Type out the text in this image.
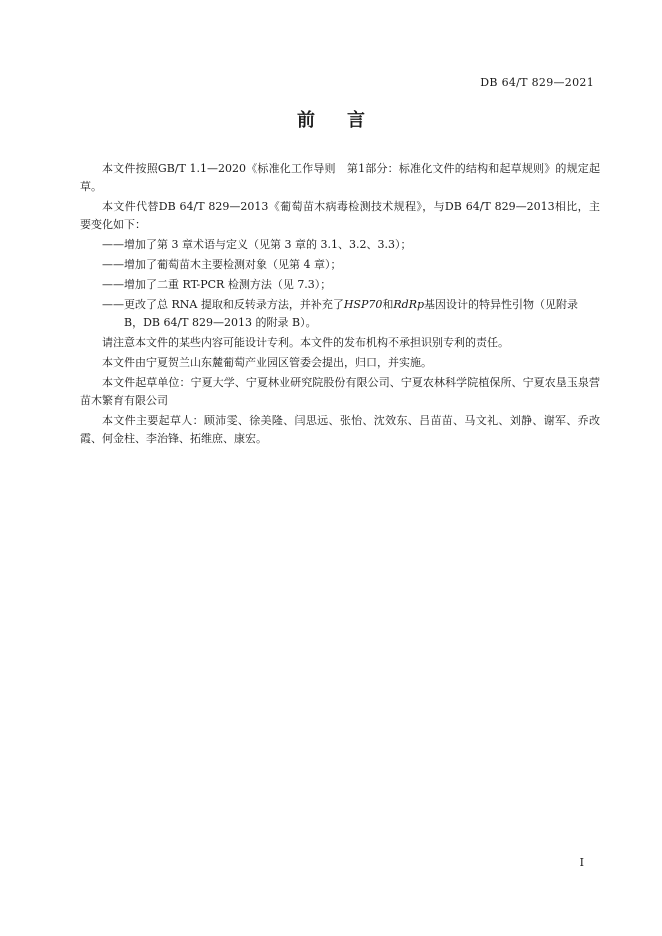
DB 64/T 829—2021
前言

本文件按照GB/T 1.1—2020《标准化工作导则　第1部分：标准化文件的结构和起草规则》的规定起草。

本文件代替DB 64/T 829—2013《葡萄苗木病毒检测技术规程》，与DB 64/T 829—2013相比，主要变化如下：

——增加了第 3 章术语与定义（见第 3 章的 3.1、3.2、3.3）；

——增加了葡萄苗木主要检测对象（见第 4 章）；

——增加了二重 RT-PCR 检测方法（见 7.3）；

——更改了总 RNA 提取和反转录方法，并补充了HSP70和RdRp基因设计的特异性引物（见附录 B，DB 64/T 829—2013 的附录 B）。

请注意本文件的某些内容可能设计专利。本文件的发布机构不承担识别专利的责任。

本文件由宁夏贺兰山东麓葡萄产业园区管委会提出，归口，并实施。

本文件起草单位：宁夏大学、宁夏林业研究院股份有限公司、宁夏农林科学院植保所、宁夏农垦玉泉营苗木繁育有限公司

本文件主要起草人：顾沛雯、徐美隆、闫思远、张怡、沈效东、吕苗苗、马文礼、刘静、谢军、乔改霞、何金柱、李治锋、拓维庶、康宏。

I
